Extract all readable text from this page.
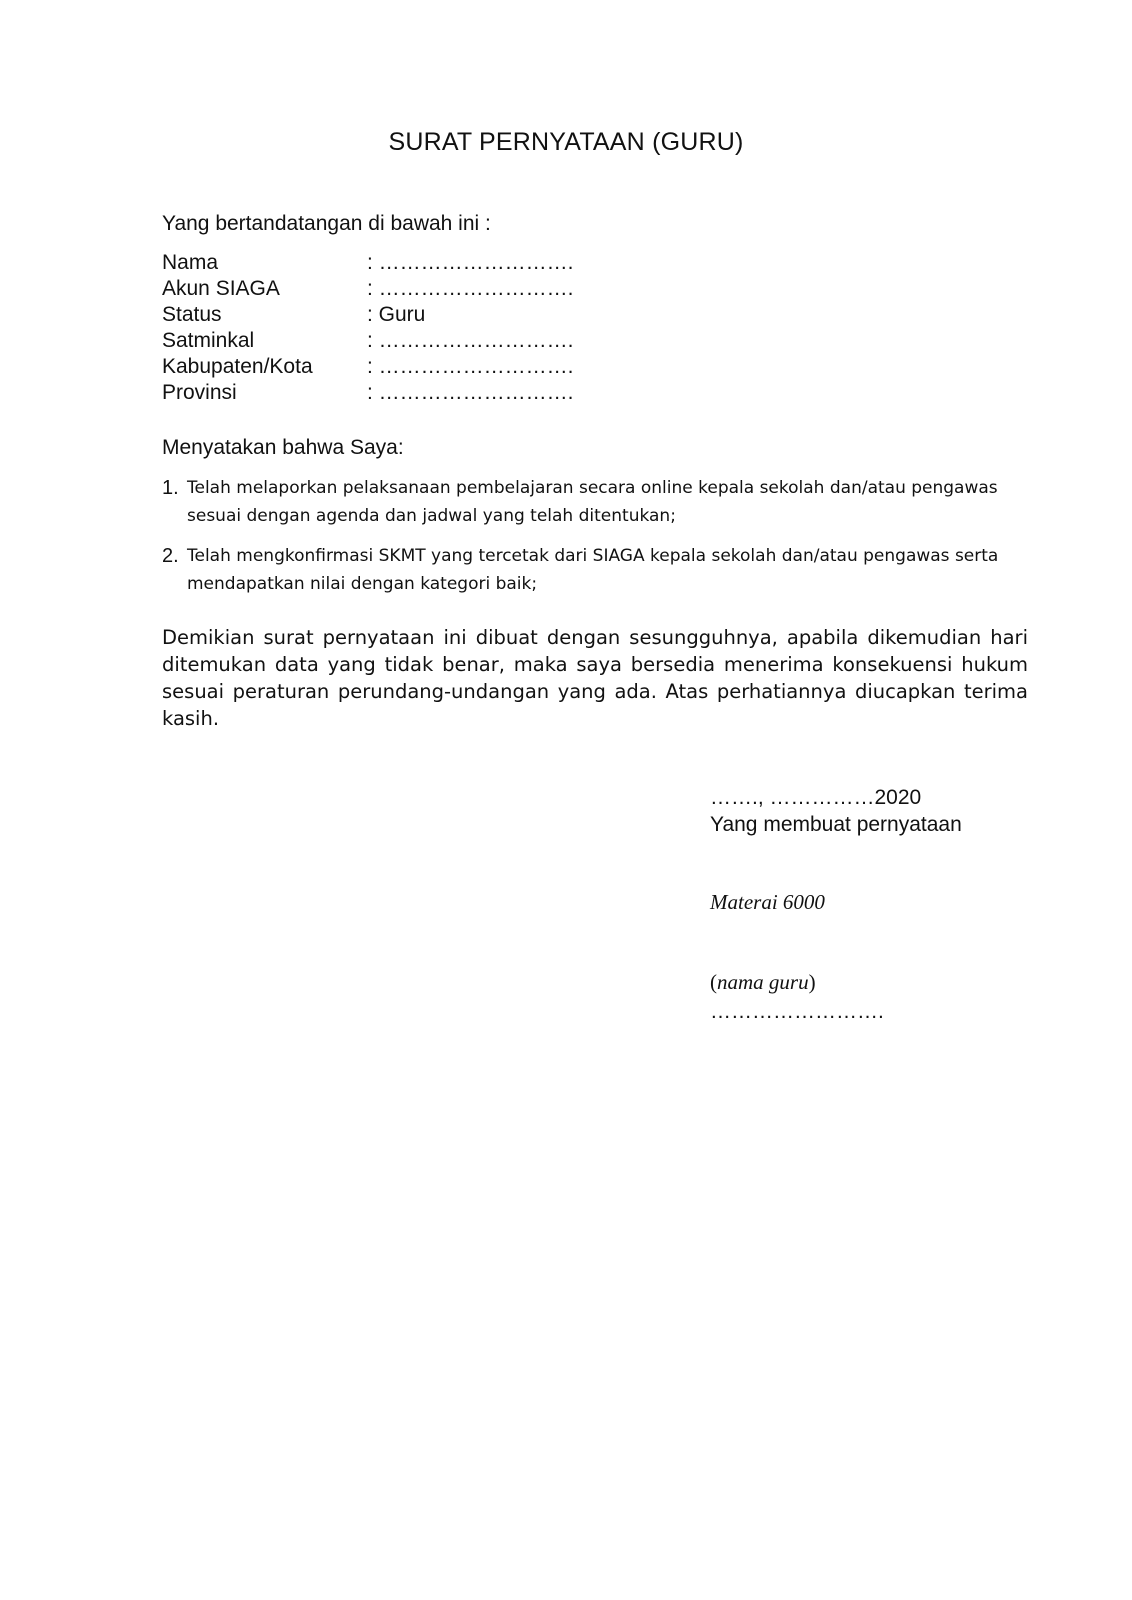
SURAT PERNYATAAN (GURU)
Yang bertandatangan di bawah ini :
Nama	: ……………………….
Akun SIAGA	: ……………………….
Status	: Guru
Satminkal	: ……………………….
Kabupaten/Kota	: ……………………….
Provinsi	: ……………………….
Menyatakan bahwa Saya:
1. Telah melaporkan pelaksanaan pembelajaran secara online kepala sekolah dan/atau pengawas sesuai dengan agenda dan jadwal yang telah ditentukan;
2. Telah mengkonfirmasi SKMT yang tercetak dari SIAGA kepala sekolah dan/atau pengawas serta mendapatkan nilai dengan kategori baik;
Demikian surat pernyataan ini dibuat dengan sesungguhnya, apabila dikemudian hari ditemukan data yang tidak benar, maka saya bersedia menerima konsekuensi hukum sesuai peraturan perundang-undangan yang ada. Atas perhatiannya diucapkan terima kasih.
……., ……………2020
Yang membuat pernyataan
Materai 6000
(nama guru)
…………………….
